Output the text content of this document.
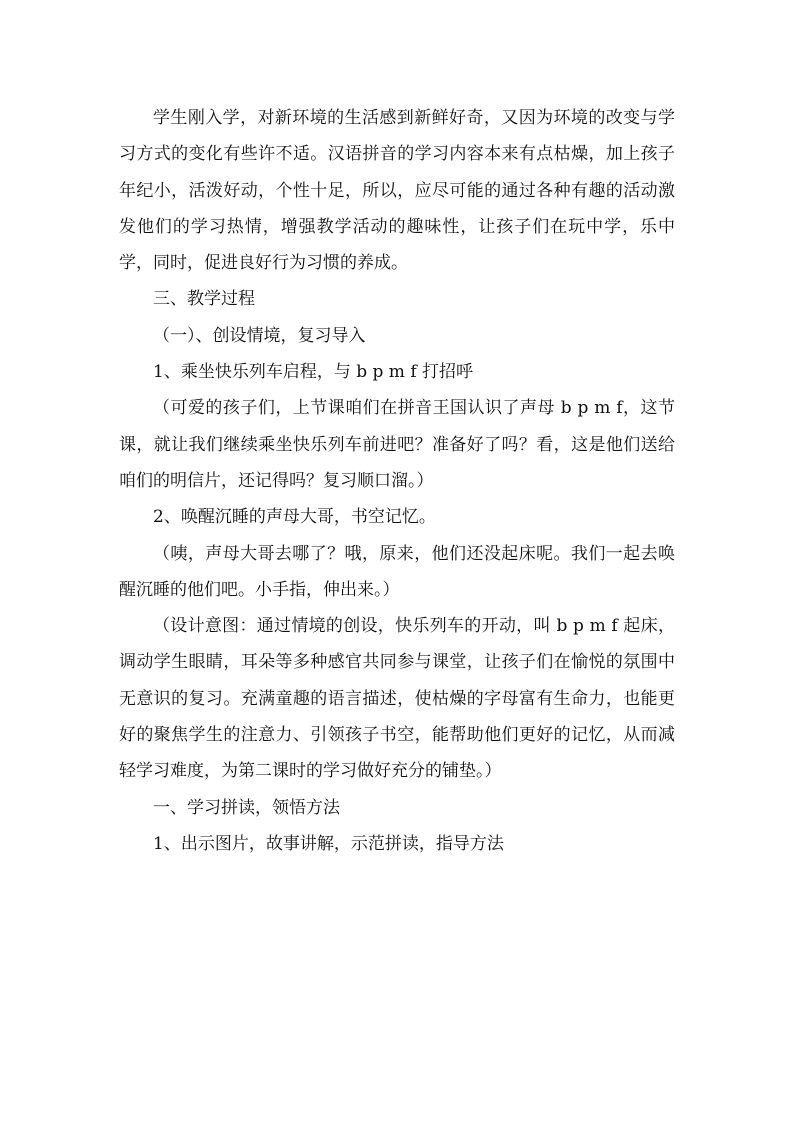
学生刚入学，对新环境的生活感到新鲜好奇，又因为环境的改变与学习方式的变化有些许不适。汉语拼音的学习内容本来有点枯燥，加上孩子年纪小，活泼好动，个性十足，所以，应尽可能的通过各种有趣的活动激发他们的学习热情，增强教学活动的趣味性，让孩子们在玩中学，乐中学，同时，促进良好行为习惯的养成。

三、教学过程

（一）、创设情境，复习导入

1、乘坐快乐列车启程，与 b p m f 打招呼

（可爱的孩子们，上节课咱们在拼音王国认识了声母 b p m f，这节课，就让我们继续乘坐快乐列车前进吧？准备好了吗？看，这是他们送给咱们的明信片，还记得吗？复习顺口溜。）

2、唤醒沉睡的声母大哥，书空记忆。

（咦，声母大哥去哪了？哦，原来，他们还没起床呢。我们一起去唤醒沉睡的他们吧。小手指，伸出来。）

（设计意图：通过情境的创设，快乐列车的开动，叫 b p m f 起床，调动学生眼睛，耳朵等多种感官共同参与课堂，让孩子们在愉悦的氛围中无意识的复习。充满童趣的语言描述，使枯燥的字母富有生命力，也能更好的聚焦学生的注意力、引领孩子书空，能帮助他们更好的记忆，从而减轻学习难度，为第二课时的学习做好充分的铺垫。）

一、学习拼读，领悟方法

1、出示图片，故事讲解，示范拼读，指导方法
